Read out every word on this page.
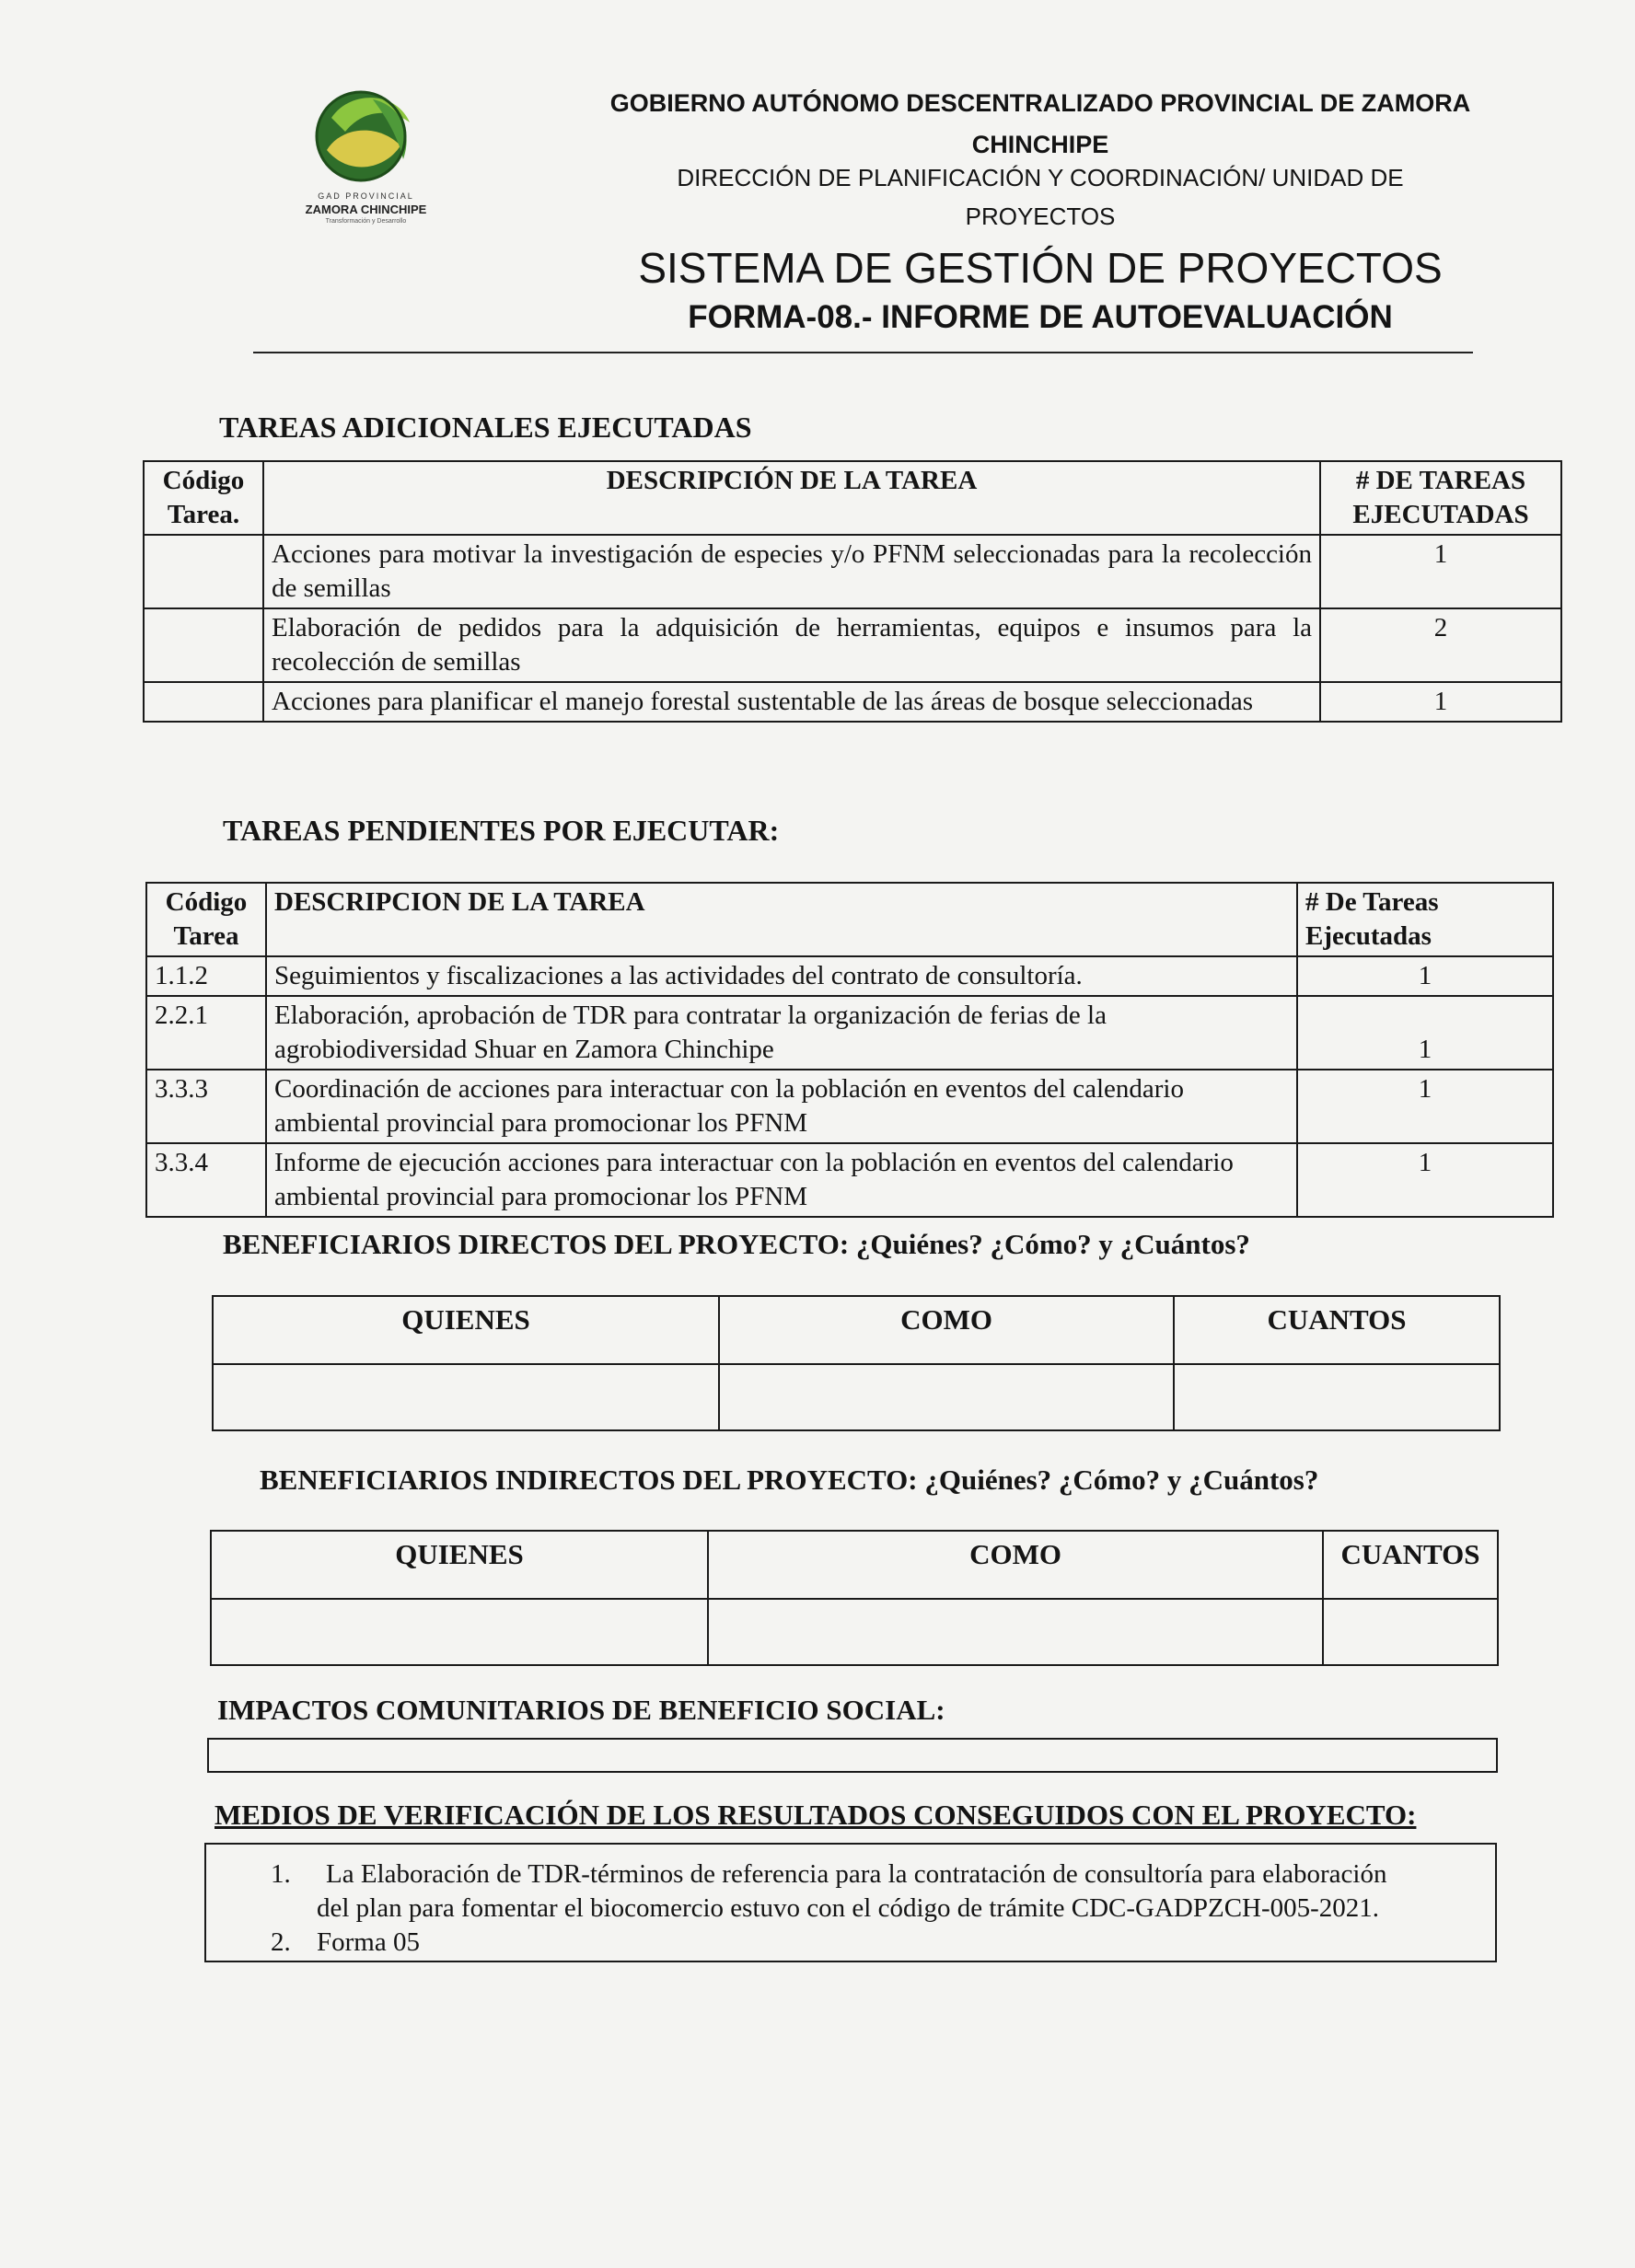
GAD PROVINCIAL
ZAMORA CHINCHIPE
Transformación y Desarrollo
GOBIERNO AUTÓNOMO DESCENTRALIZADO PROVINCIAL DE ZAMORA
CHINCHIPE
DIRECCIÓN DE PLANIFICACIÓN Y COORDINACIÓN/ UNIDAD DE
PROYECTOS
SISTEMA DE GESTIÓN DE PROYECTOS
FORMA-08.- INFORME DE AUTOEVALUACIÓN
TAREAS ADICIONALES EJECUTADAS
Código
Tarea.	DESCRIPCIÓN DE LA TAREA	# DE TAREAS
EJECUTADAS
	Acciones para motivar la investigación de especies y/o PFNM seleccionadas para la recolección de semillas	1
	Elaboración de pedidos para la adquisición de herramientas, equipos e insumos para la recolección de semillas	2
	Acciones para planificar el manejo forestal sustentable de las áreas de bosque seleccionadas	1
TAREAS PENDIENTES POR EJECUTAR:
Código
Tarea	DESCRIPCION DE LA TAREA	# De Tareas
Ejecutadas
1.1.2	Seguimientos y fiscalizaciones a las actividades del contrato de consultoría.	1
2.2.1	Elaboración, aprobación de TDR para contratar la organización de ferias de la agrobiodiversidad Shuar en Zamora Chinchipe	1
3.3.3	Coordinación de acciones para interactuar con la población en eventos del calendario ambiental provincial para promocionar los PFNM	1
3.3.4	Informe de ejecución acciones para interactuar con la población en eventos del calendario ambiental provincial para promocionar los PFNM	1
BENEFICIARIOS DIRECTOS DEL PROYECTO: ¿Quiénes? ¿Cómo? y ¿Cuántos?
QUIENES	COMO	CUANTOS

BENEFICIARIOS INDIRECTOS DEL PROYECTO: ¿Quiénes? ¿Cómo? y ¿Cuántos?
QUIENES	COMO	CUANTOS

IMPACTOS COMUNITARIOS DE BENEFICIO SOCIAL:
MEDIOS DE VERIFICACIÓN DE LOS RESULTADOS CONSEGUIDOS CON EL PROYECTO:
1. La Elaboración de TDR-términos de referencia para la contratación de consultoría para elaboración
del plan para fomentar el biocomercio estuvo con el código de trámite CDC-GADPZCH-005-2021.
2. Forma 05
